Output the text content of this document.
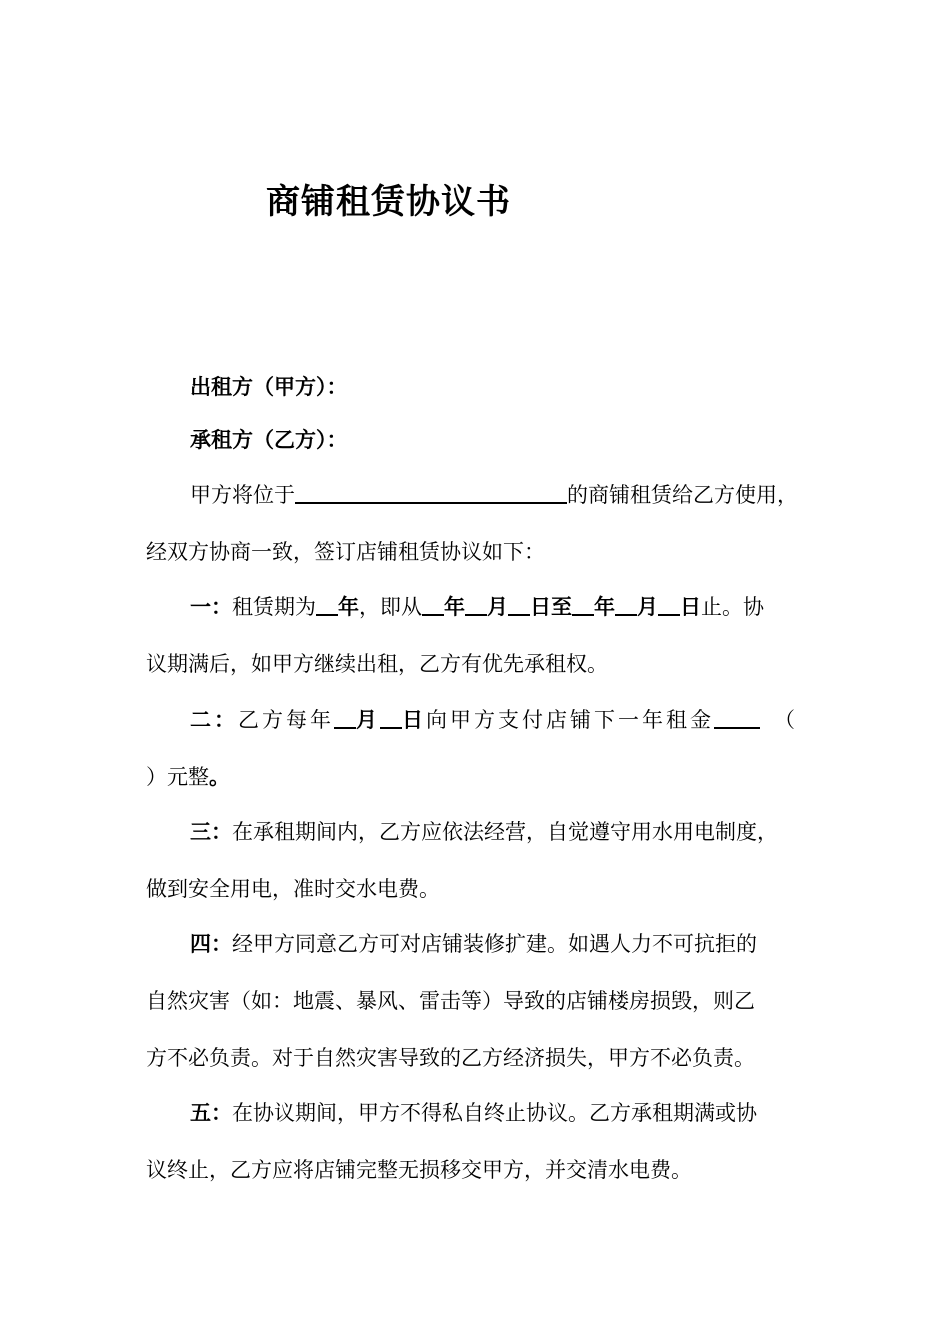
商铺租赁协议书
出租方（甲方）：
承租方（乙方）：
甲方将位于	的商铺租赁给乙方使用，
经双方协商一致，签订店铺租赁协议如下：
一：租赁期为 年，即从 年 月 日至 年 月 日止。协
议期满后，如甲方继续出租，乙方有优先承租权。
二：乙方每年 月 日向甲方支付店铺下一年租金	（
）元整。
三：在承租期间内，乙方应依法经营，自觉遵守用水用电制度，
做到安全用电，准时交水电费。
四：经甲方同意乙方可对店铺装修扩建。如遇人力不可抗拒的
自然灾害（如：地震、暴风、雷击等）导致的店铺楼房损毁，则乙
方不必负责。对于自然灾害导致的乙方经济损失，甲方不必负责。
五：在协议期间，甲方不得私自终止协议。乙方承租期满或协
议终止，乙方应将店铺完整无损移交甲方，并交清水电费。
